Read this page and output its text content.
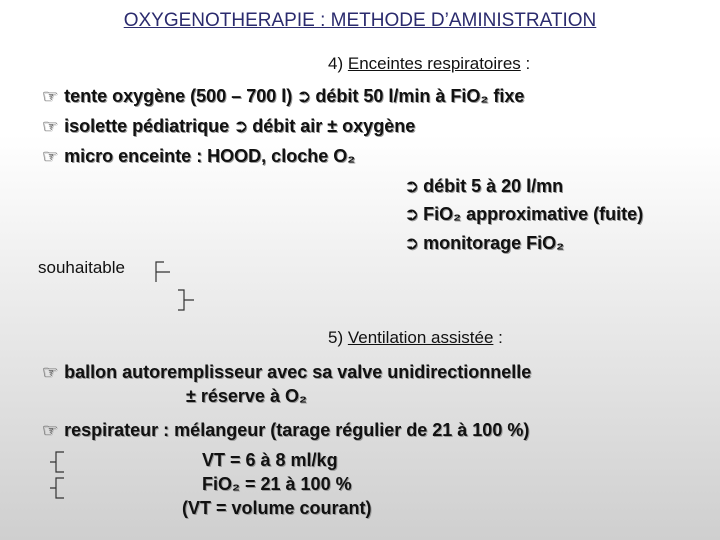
OXYGENOTHERAPIE : METHODE D’AMINISTRATION
4) Enceintes respiratoires :
☞ tente oxygène (500 – 700 l) ➲ débit 50 l/min à FiO₂ fixe
☞ isolette pédiatrique ➲ débit air ± oxygène
☞ micro enceinte : HOOD, cloche O₂
➲ débit 5 à 20 l/mn
➲ FiO₂ approximative (fuite)
➲ monitorage FiO₂
souhaitable
5) Ventilation assistée :
☞ ballon autoremplisseur avec sa valve unidirectionnelle
± réserve à O₂
☞ respirateur : mélangeur (tarage régulier de 21 à 100 %)
VT = 6 à 8 ml/kg
FiO₂ = 21 à 100 %
(VT = volume courant)
